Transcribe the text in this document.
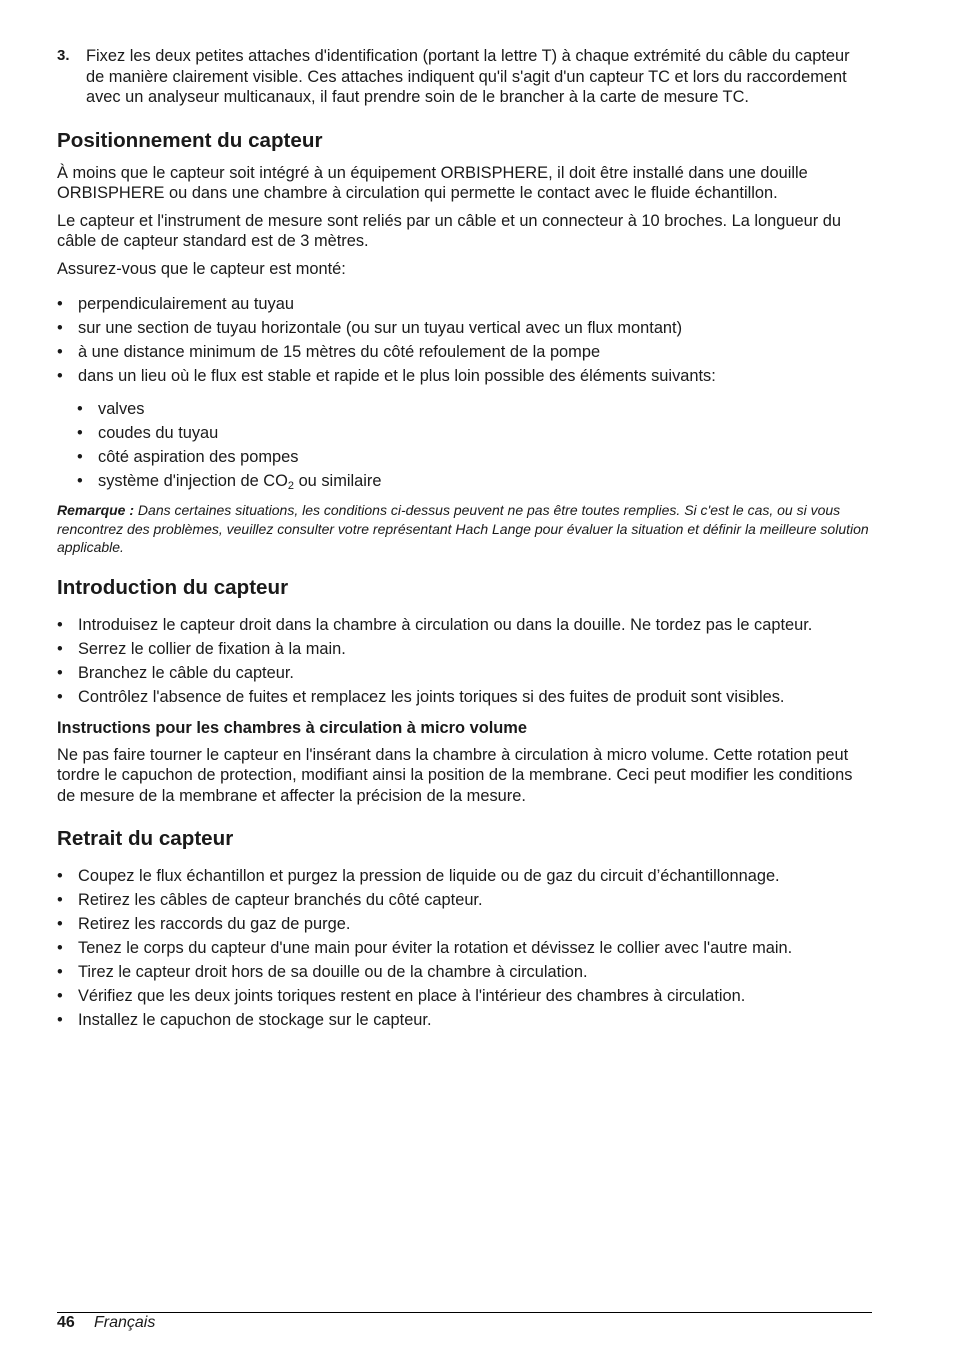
3. Fixez les deux petites attaches d'identification (portant la lettre T) à chaque extrémité du câble du capteur de manière clairement visible. Ces attaches indiquent qu'il s'agit d'un capteur TC et lors du raccordement avec un analyseur multicanaux, il faut prendre soin de le brancher à la carte de mesure TC.

Positionnement du capteur

À moins que le capteur soit intégré à un équipement ORBISPHERE, il doit être installé dans une douille ORBISPHERE ou dans une chambre à circulation qui permette le contact avec le fluide échantillon.

Le capteur et l'instrument de mesure sont reliés par un câble et un connecteur à 10 broches. La longueur du câble de capteur standard est de 3 mètres.

Assurez-vous que le capteur est monté:

• perpendiculairement au tuyau
• sur une section de tuyau horizontale (ou sur un tuyau vertical avec un flux montant)
• à une distance minimum de 15 mètres du côté refoulement de la pompe
• dans un lieu où le flux est stable et rapide et le plus loin possible des éléments suivants:
• valves
• coudes du tuyau
• côté aspiration des pompes
• système d'injection de $CO_2$ ou similaire

Remarque : Dans certaines situations, les conditions ci-dessus peuvent ne pas être toutes remplies. Si c'est le cas, ou si vous rencontrez des problèmes, veuillez consulter votre représentant Hach Lange pour évaluer la situation et définir la meilleure solution applicable.

Introduction du capteur
• Introduisez le capteur droit dans la chambre à circulation ou dans la douille. Ne tordez pas le capteur.
• Serrez le collier de fixation à la main.
• Branchez le câble du capteur.
• Contrôlez l'absence de fuites et remplacez les joints toriques si des fuites de produit sont visibles.
Instructions pour les chambres à circulation à micro volume

Ne pas faire tourner le capteur en l'insérant dans la chambre à circulation à micro volume. Cette rotation peut tordre le capuchon de protection, modifiant ainsi la position de la membrane. Ceci peut modifier les conditions de mesure de la membrane et affecter la précision de la mesure.

Retrait du capteur
• Coupez le flux échantillon et purgez la pression de liquide ou de gaz du circuit d’échantillonnage.
• Retirez les câbles de capteur branchés du côté capteur.
• Retirez les raccords du gaz de purge.
• Tenez le corps du capteur d'une main pour éviter la rotation et dévissez le collier avec l'autre main.
• Tirez le capteur droit hors de sa douille ou de la chambre à circulation.
• Vérifiez que les deux joints toriques restent en place à l'intérieur des chambres à circulation.
• Installez le capuchon de stockage sur le capteur.
46 Français
